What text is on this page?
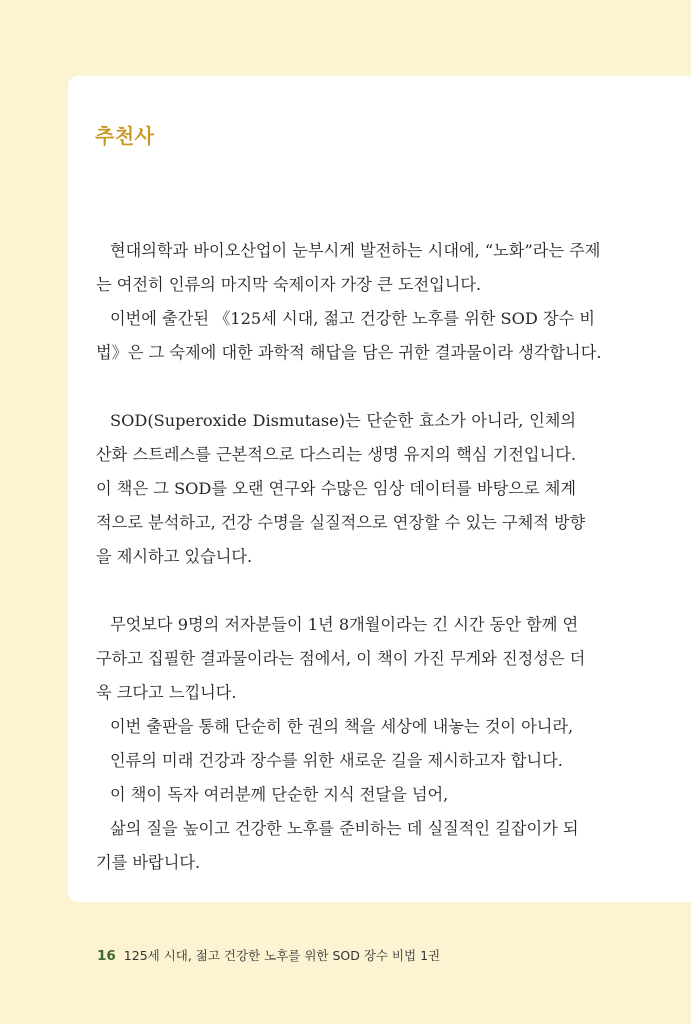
추천사
현대의학과 바이오산업이 눈부시게 발전하는 시대에, “노화”라는 주제
는 여전히 인류의 마지막 숙제이자 가장 큰 도전입니다.
이번에 출간된 《125세 시대, 젊고 건강한 노후를 위한 SOD 장수 비
법》은 그 숙제에 대한 과학적 해답을 담은 귀한 결과물이라 생각합니다.
SOD(Superoxide Dismutase)는 단순한 효소가 아니라, 인체의
산화 스트레스를 근본적으로 다스리는 생명 유지의 핵심 기전입니다.
이 책은 그 SOD를 오랜 연구와 수많은 임상 데이터를 바탕으로 체계
적으로 분석하고, 건강 수명을 실질적으로 연장할 수 있는 구체적 방향
을 제시하고 있습니다.
무엇보다 9명의 저자분들이 1년 8개월이라는 긴 시간 동안 함께 연
구하고 집필한 결과물이라는 점에서, 이 책이 가진 무게와 진정성은 더
욱 크다고 느낍니다.
이번 출판을 통해 단순히 한 권의 책을 세상에 내놓는 것이 아니라,
인류의 미래 건강과 장수를 위한 새로운 길을 제시하고자 합니다.
이 책이 독자 여러분께 단순한 지식 전달을 넘어,
삶의 질을 높이고 건강한 노후를 준비하는 데 실질적인 길잡이가 되
기를 바랍니다.
16 125세 시대, 젊고 건강한 노후를 위한 SOD 장수 비법 1권
